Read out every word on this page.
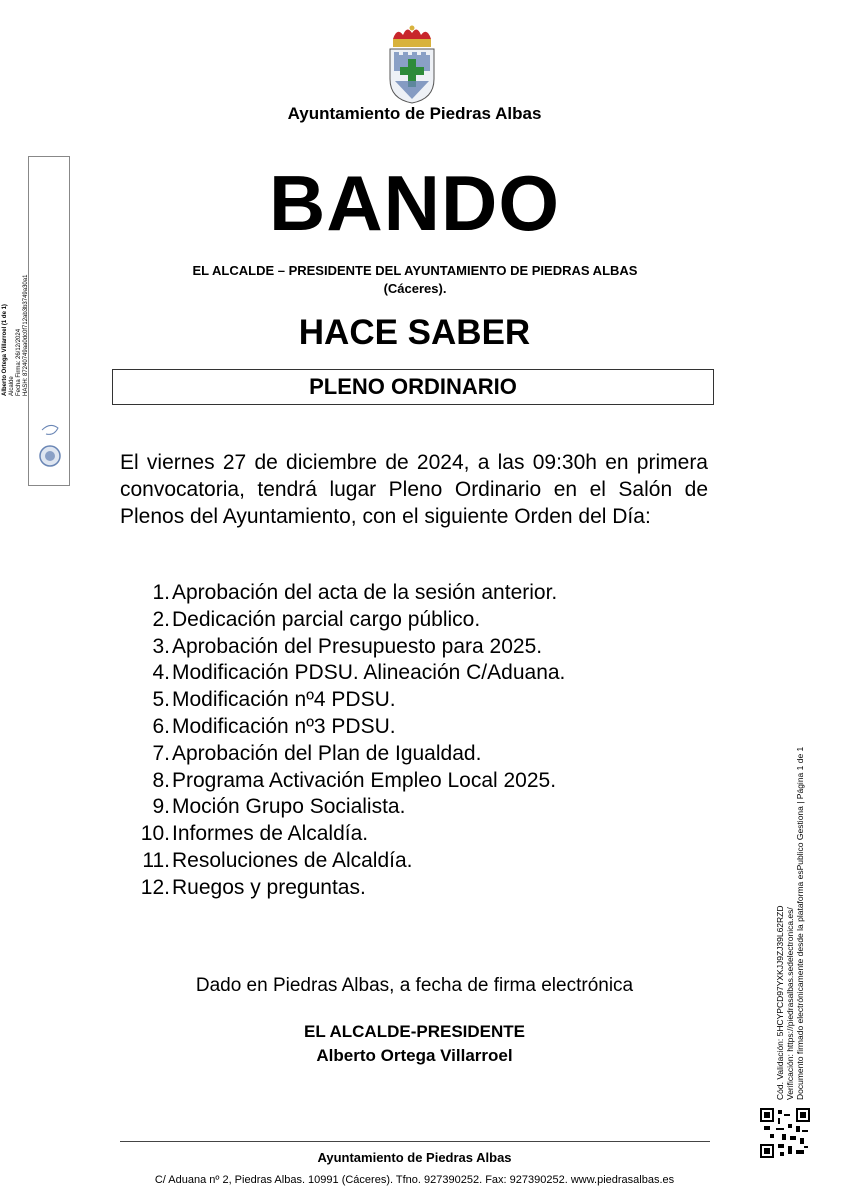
Ayuntamiento de Piedras Albas
BANDO
EL ALCALDE – PRESIDENTE DEL AYUNTAMIENTO DE PIEDRAS ALBAS
(Cáceres).
HACE SABER
PLENO ORDINARIO
El viernes 27 de diciembre de 2024, a las 09:30h en primera convocatoria, tendrá lugar Pleno Ordinario en el Salón de Plenos del Ayuntamiento, con el siguiente Orden del Día:
1.Aprobación del acta de la sesión anterior.
2.Dedicación parcial cargo público.
3.Aprobación del Presupuesto para 2025.
4.Modificación PDSU. Alineación C/Aduana.
5.Modificación nº4 PDSU.
6.Modificación nº3 PDSU.
7.Aprobación del Plan de Igualdad.
8.Programa Activación Empleo Local 2025.
9.Moción Grupo Socialista.
10.Informes de Alcaldía.
11.Resoluciones de Alcaldía.
12.Ruegos y preguntas.
Dado en Piedras Albas, a fecha de firma electrónica
EL ALCALDE-PRESIDENTE
Alberto Ortega Villarroel
Ayuntamiento de Piedras Albas
C/ Aduana nº 2, Piedras Albas. 10991 (Cáceres). Tfno. 927390252. Fax: 927390252. www.piedrasalbas.es
Alberto Ortega Villarroel (1 de 1) Alcalde Fecha Firma: 26/12/2024 HASH: 87240749aa0dc0f712ab3b3749a30a1
Cód. Validación: 5HCYPCD97YXKJJ9ZJ39L62RZD Verificación: https://piedrasalbas.sedelectronica.es/ Documento firmado electrónicamente desde la plataforma esPublico Gestiona | Página 1 de 1
